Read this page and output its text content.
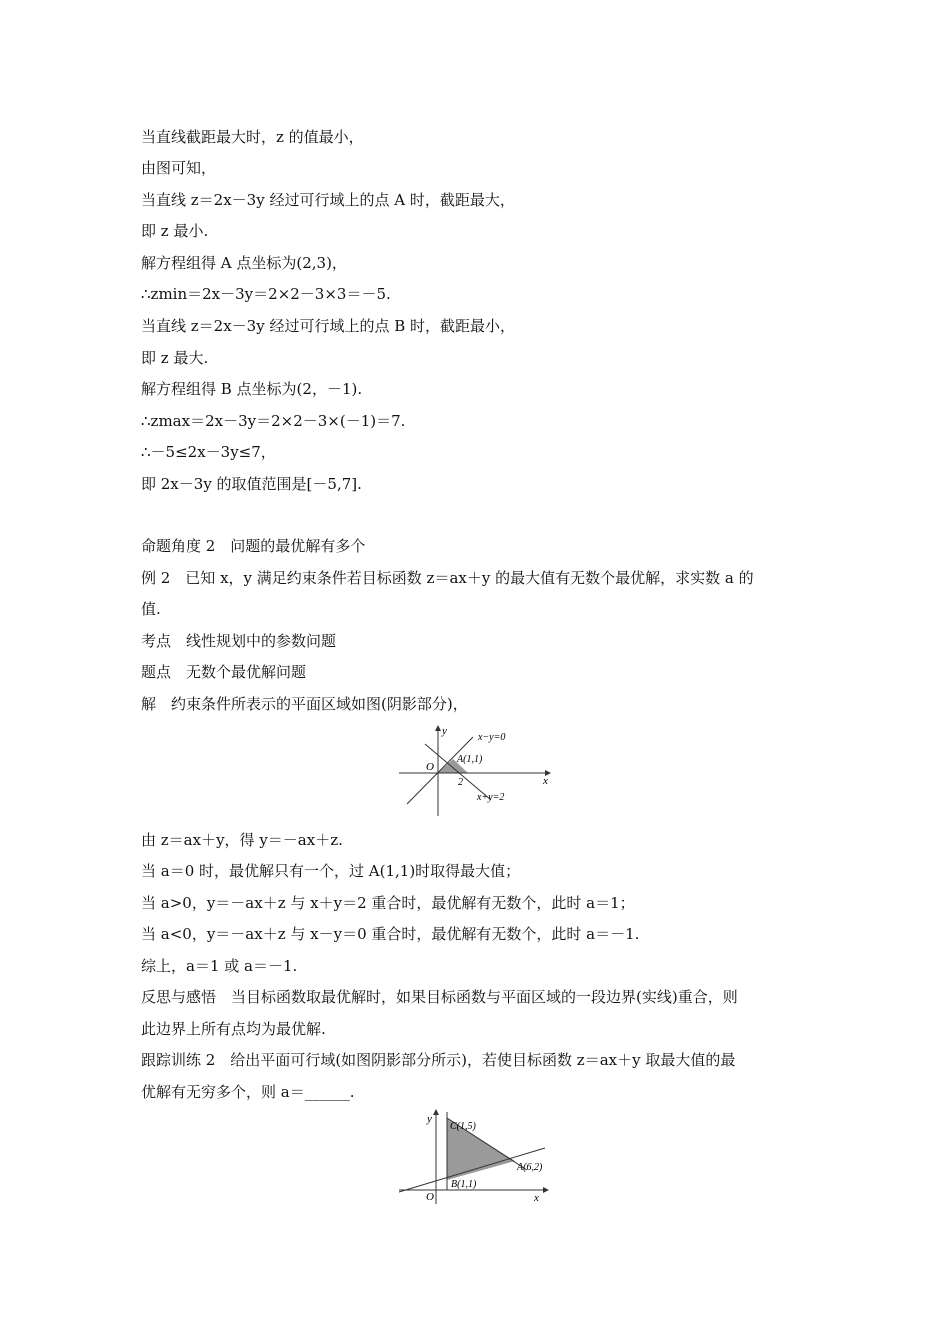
当直线截距最大时，z 的值最小，
由图可知，
当直线 z＝2x－3y 经过可行域上的点 A 时，截距最大，
即 z 最小.
解方程组得 A 点坐标为(2,3)，
∴zmin＝2x－3y＝2×2－3×3＝－5.
当直线 z＝2x－3y 经过可行域上的点 B 时，截距最小，
即 z 最大.
解方程组得 B 点坐标为(2，－1).
∴zmax＝2x－3y＝2×2－3×(－1)＝7.
∴－5≤2x－3y≤7，
即 2x－3y 的取值范围是[－5,7].
命题角度 2　问题的最优解有多个
例 2　已知 x，y 满足约束条件若目标函数 z＝ax＋y 的最大值有无数个最优解，求实数 a 的
值.
考点　线性规划中的参数问题
题点　无数个最优解问题
解　约束条件所表示的平面区域如图(阴影部分)，
y
x
O
x−y=0
A(1,1)
2
x+y=2
由 z＝ax＋y，得 y＝－ax＋z.
当 a＝0 时，最优解只有一个，过 A(1,1)时取得最大值；
当 a>0，y＝－ax＋z 与 x＋y＝2 重合时，最优解有无数个，此时 a＝1；
当 a<0，y＝－ax＋z 与 x－y＝0 重合时，最优解有无数个，此时 a＝－1.
综上，a＝1 或 a＝－1.
反思与感悟　当目标函数取最优解时，如果目标函数与平面区域的一段边界(实线)重合，则
此边界上所有点均为最优解.
跟踪训练 2　给出平面可行域(如图阴影部分所示)，若使目标函数 z＝ax＋y 取最大值的最
优解有无穷多个，则 a＝______.
y
x
O
C(1,5)
A(6,2)
B(1,1)
